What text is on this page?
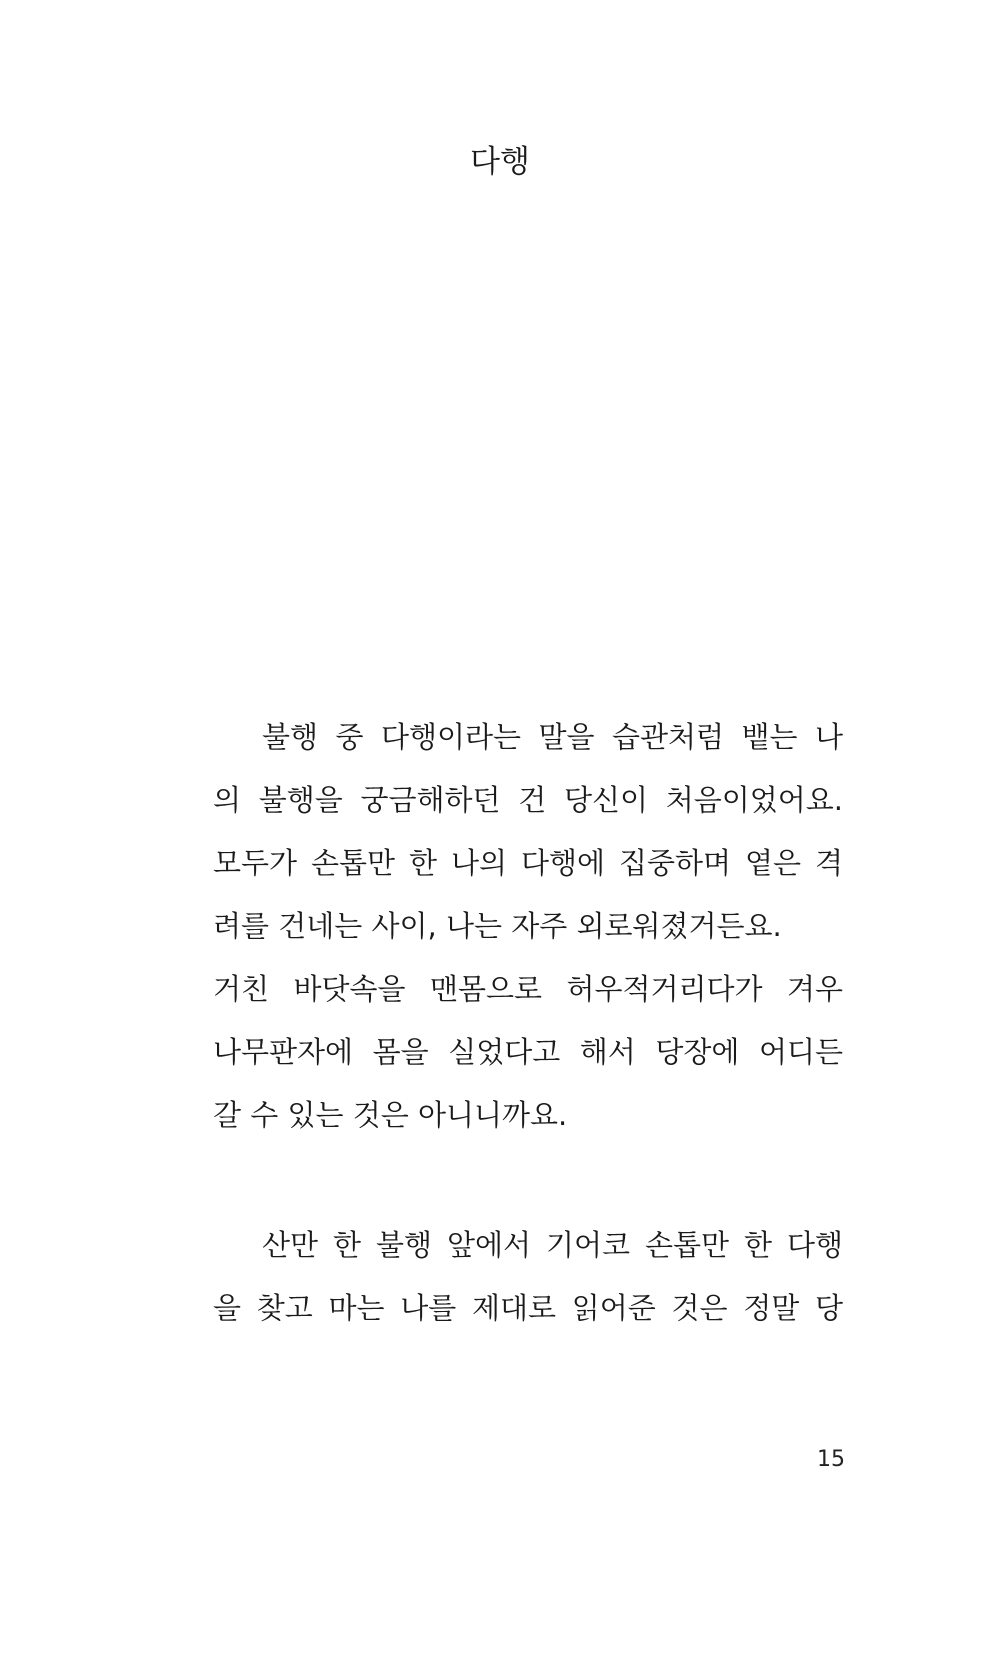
다행
불행 중 다행이라는 말을 습관처럼 뱉는 나
의 불행을 궁금해하던 건 당신이 처음이었어요.
모두가 손톱만 한 나의 다행에 집중하며 옅은 격
려를 건네는 사이, 나는 자주 외로워졌거든요.
거친 바닷속을 맨몸으로 허우적거리다가 겨우
나무판자에 몸을 실었다고 해서 당장에 어디든
갈 수 있는 것은 아니니까요.
산만 한 불행 앞에서 기어코 손톱만 한 다행
을 찾고 마는 나를 제대로 읽어준 것은 정말 당
15
